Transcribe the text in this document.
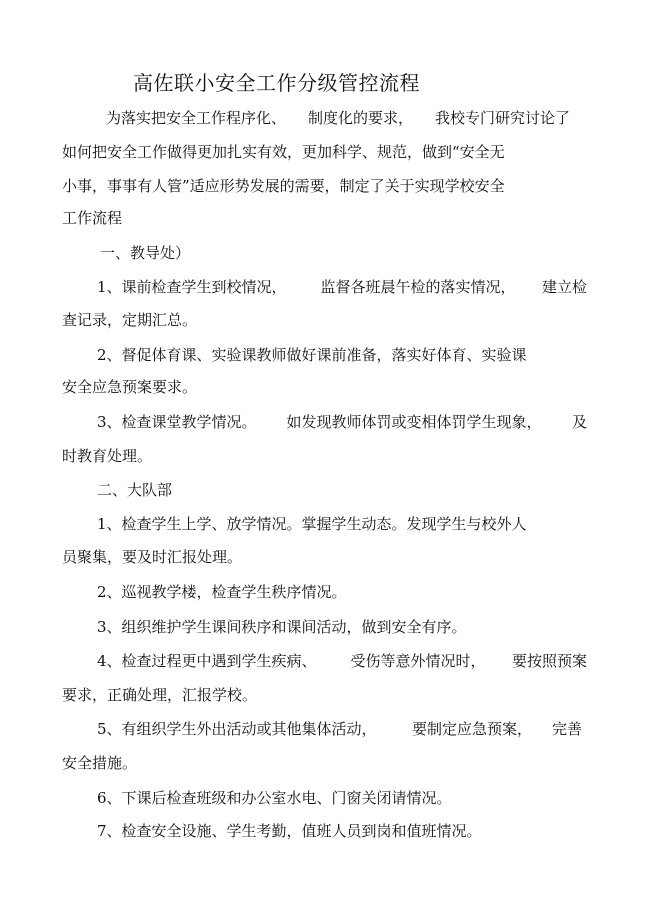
高佐联小安全工作分级管控流程
为落实把安全工作程序化、 制度化的要求， 我校专门研究讨论了
如何把安全工作做得更加扎实有效，更加科学、规范，做到“安全无
小事，事事有人管”适应形势发展的需要，制定了关于实现学校安全
工作流程
一、教导处）
1、课前检查学生到校情况， 监督各班晨午检的落实情况， 建立检
查记录，定期汇总。
2、督促体育课、实验课教师做好课前准备，落实好体育、实验课
安全应急预案要求。
3、检查课堂教学情况。 如发现教师体罚或变相体罚学生现象， 及
时教育处理。
二、大队部
1、检查学生上学、放学情况。掌握学生动态。发现学生与校外人
员聚集，要及时汇报处理。
2、巡视教学楼，检查学生秩序情况。
3、组织维护学生课间秩序和课间活动，做到安全有序。
4、检查过程更中遇到学生疾病、 受伤等意外情况时， 要按照预案
要求，正确处理，汇报学校。
5、有组织学生外出活动或其他集体活动， 要制定应急预案， 完善
安全措施。
6、下课后检查班级和办公室水电、门窗关闭请情况。
7、检查安全设施、学生考勤，值班人员到岗和值班情况。
